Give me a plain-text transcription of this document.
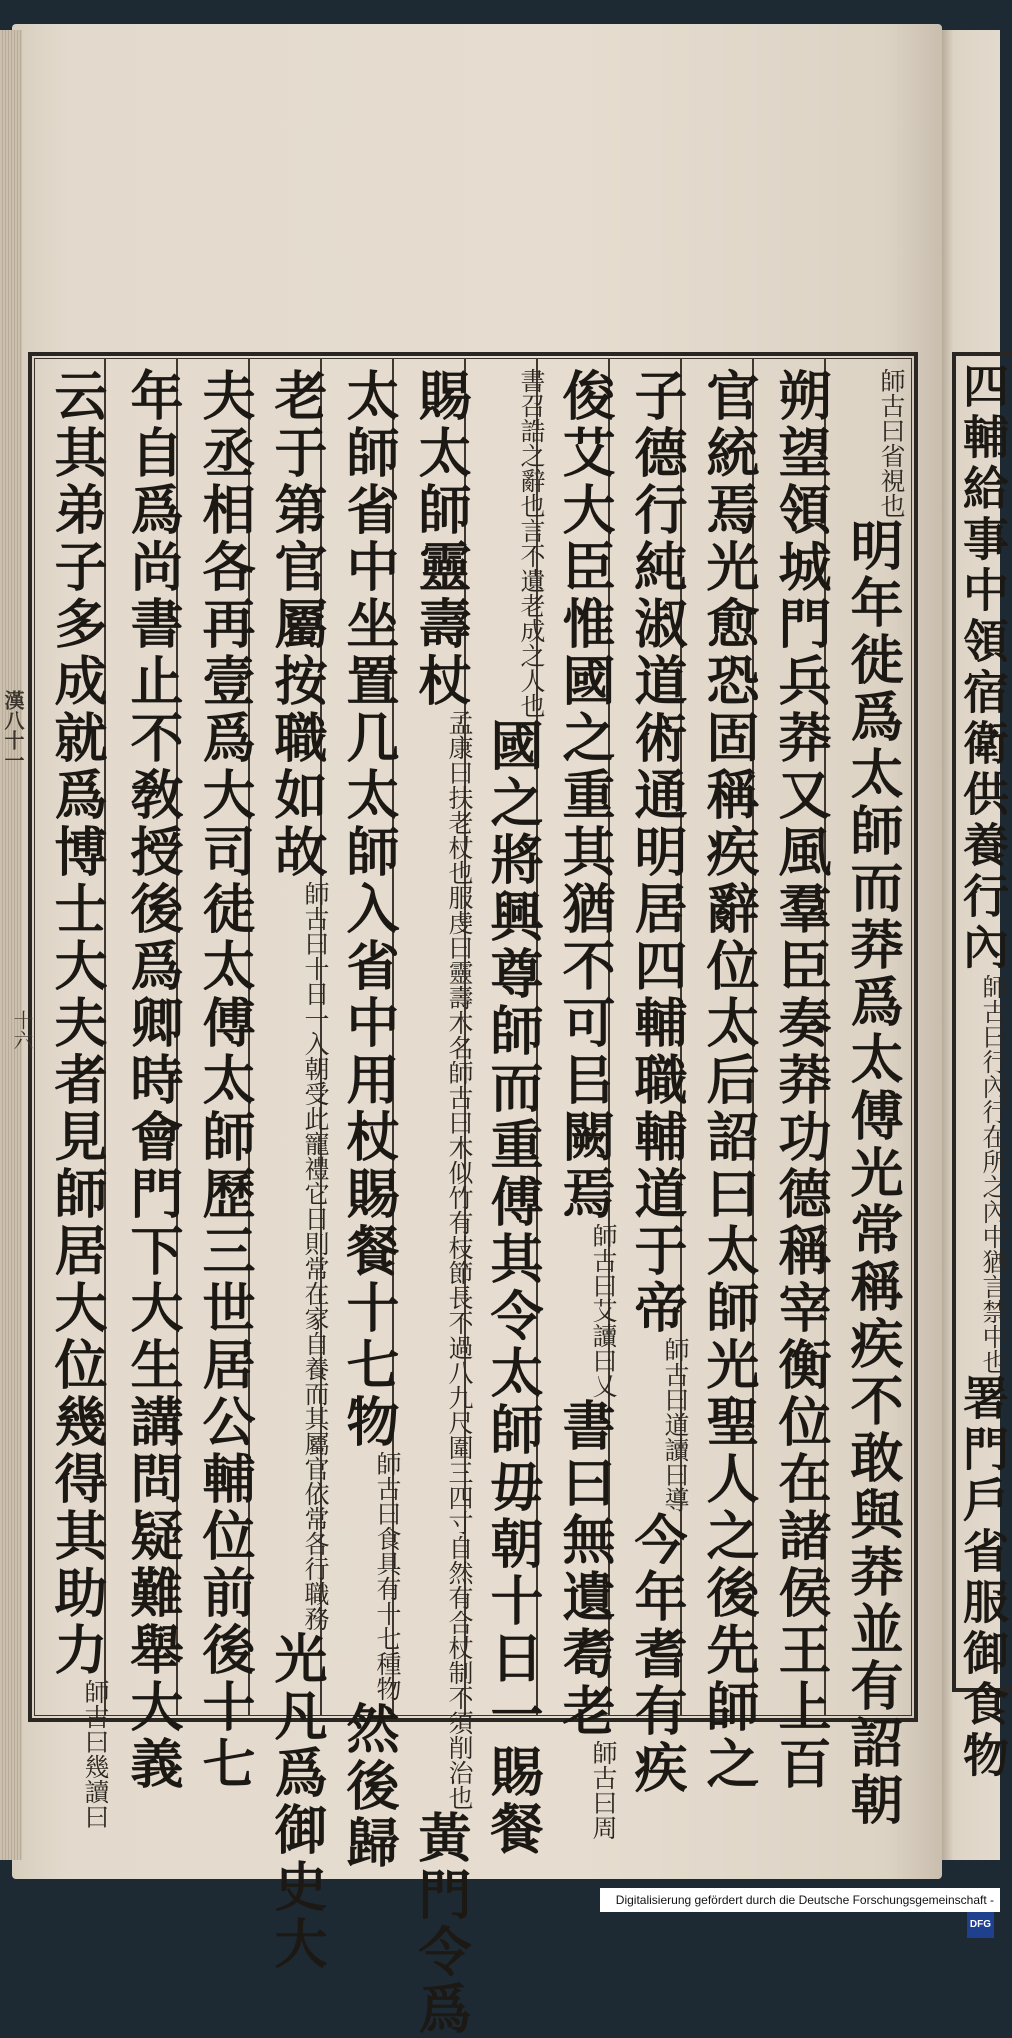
師古曰省視也明年徙爲太師而莽爲太傅光常稱疾不敢與莽並有詔朝
朔望領城門兵莽又風羣臣奏莽功德稱宰衡位在諸侯王上百
官統焉光愈恐固稱疾辭位太后詔曰太師光聖人之後先師之
子德行純淑道術通明居四輔職輔道于帝師古曰道讀曰導今年耆有疾
俊艾大臣惟國之重其猶不可㠯闕焉師古曰艾讀曰乂書曰無遺耈老師古曰周
書召誥之辭也言不遺老成之人也國之將興尊師而重傅其令太師毋朝十日一賜餐
賜太師靈壽杖孟康曰扶老杖也服虔曰靈壽木名師古曰木似竹有枝節長不過八九尺圍三四寸自然有合杖制不須削治也黃門令爲
太師省中坐置几太師入省中用杖賜餐十七物師古曰食具有十七種物然後歸
老于第官屬按職如故師古曰十日一入朝受此寵禮它日則常在家自養而其屬官依常各行職務光凡爲御史大
夫丞相各再壹爲大司徒太傅太師歷三世居公輔位前後十七
年自爲尚書止不敎授後爲卿時會門下大生講問疑難舉大義
云其弟子多成就爲博士大夫者見師居大位幾得其助力師古曰幾讀曰
四輔給事中領宿衛供養行內師古曰行內行在所之內中猶言禁中也署門戶省服御食物
漢八十一
十六
Digitalisierung gefördert durch die Deutsche Forschungsgemeinschaft - DFG
